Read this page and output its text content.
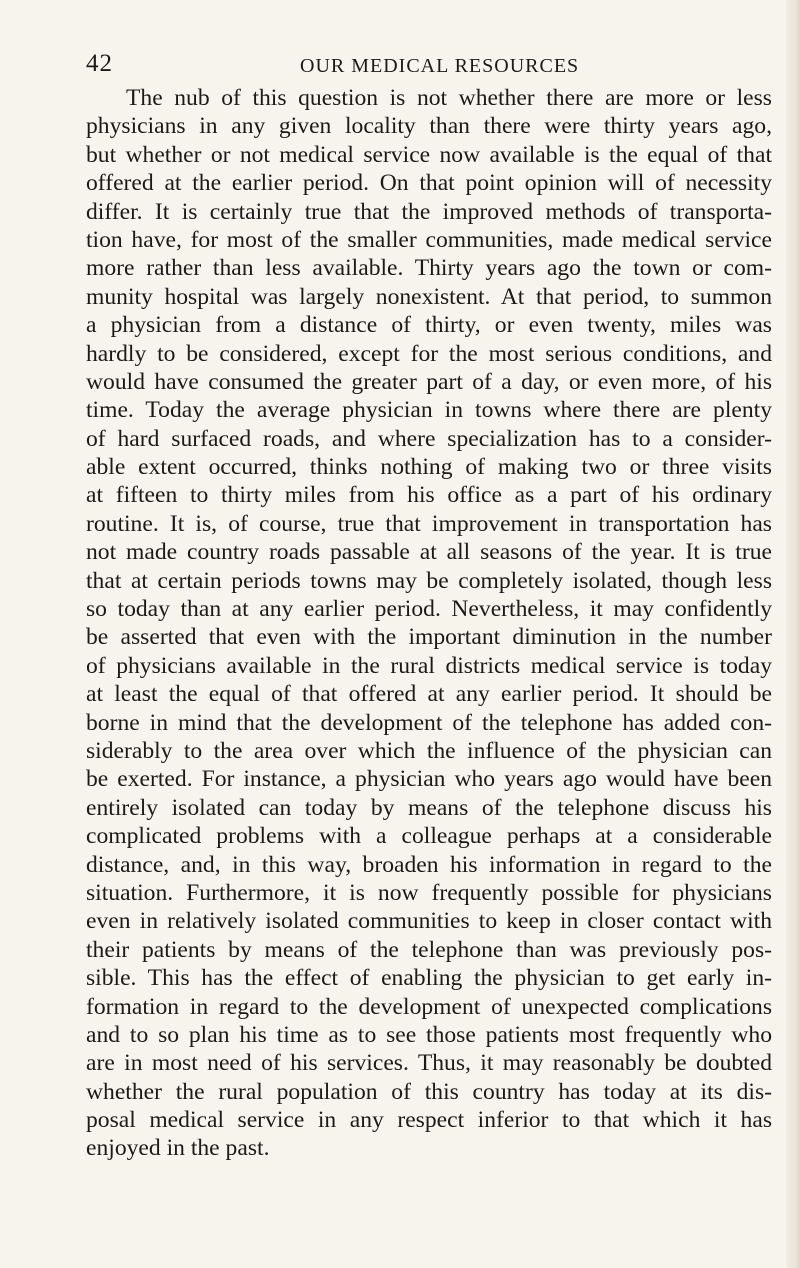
42	OUR MEDICAL RESOURCES
The nub of this question is not whether there are more or less
physicians in any given locality than there were thirty years ago,
but whether or not medical service now available is the equal of that
offered at the earlier period. On that point opinion will of necessity
differ. It is certainly true that the improved methods of transporta-
tion have, for most of the smaller communities, made medical service
more rather than less available. Thirty years ago the town or com-
munity hospital was largely nonexistent. At that period, to summon
a physician from a distance of thirty, or even twenty, miles was
hardly to be considered, except for the most serious conditions, and
would have consumed the greater part of a day, or even more, of his
time. Today the average physician in towns where there are plenty
of hard surfaced roads, and where specialization has to a consider-
able extent occurred, thinks nothing of making two or three visits
at fifteen to thirty miles from his office as a part of his ordinary
routine. It is, of course, true that improvement in transportation has
not made country roads passable at all seasons of the year. It is true
that at certain periods towns may be completely isolated, though less
so today than at any earlier period. Nevertheless, it may confidently
be asserted that even with the important diminution in the number
of physicians available in the rural districts medical service is today
at least the equal of that offered at any earlier period. It should be
borne in mind that the development of the telephone has added con-
siderably to the area over which the influence of the physician can
be exerted. For instance, a physician who years ago would have been
entirely isolated can today by means of the telephone discuss his
complicated problems with a colleague perhaps at a considerable
distance, and, in this way, broaden his information in regard to the
situation. Furthermore, it is now frequently possible for physicians
even in relatively isolated communities to keep in closer contact with
their patients by means of the telephone than was previously pos-
sible. This has the effect of enabling the physician to get early in-
formation in regard to the development of unexpected complications
and to so plan his time as to see those patients most frequently who
are in most need of his services. Thus, it may reasonably be doubted
whether the rural population of this country has today at its dis-
posal medical service in any respect inferior to that which it has
enjoyed in the past.
